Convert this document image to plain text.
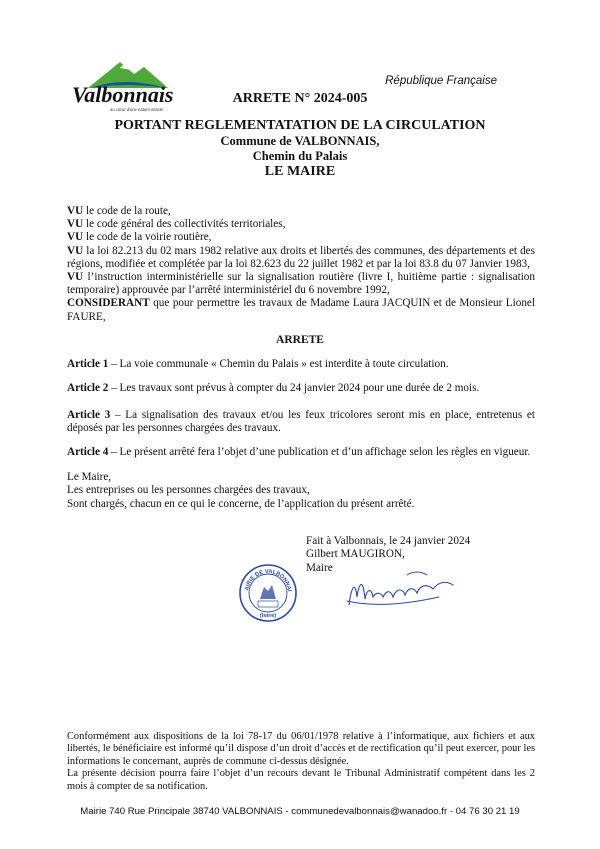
Valbonnais
au cœur d'une nature intacte
République Française
ARRETE N° 2024-005
PORTANT REGLEMENTATATION DE LA CIRCULATION
Commune de VALBONNAIS,
Chemin du Palais
LE MAIRE

VU le code de la route,

VU le code général des collectivités territoriales,

VU le code de la voirie routière,

VU la loi 82.213 du 02 mars 1982 relative aux droits et libertés des communes, des départements et des régions, modifiée et complétée par la loi 82.623 du 22 juillet 1982 et par la loi 83.8 du 07 Janvier 1983,

VU l’instruction interministérielle sur la signalisation routière (livre I, huitième partie : signalisation temporaire) approuvée par l’arrêté interministériel du 6 novembre 1992,

CONSIDERANT que pour permettre les travaux de Madame Laura JACQUIN et de Monsieur Lionel FAURE,

ARRETE
Article 1 – La voie communale « Chemin du Palais » est interdite à toute circulation.
Article 2 – Les travaux sont prévus à compter du 24 janvier 2024 pour une durée de 2 mois.
Article 3 – La signalisation des travaux et/ou les feux tricolores seront mis en place, entretenus et déposés par les personnes chargées des travaux.
Article 4 – Le présent arrêté fera l’objet d’une publication et d’un affichage selon les règles en vigueur.

Le Maire,

Les entreprises ou les personnes chargées des travaux,

Sont chargés, chacun en ce qui le concerne, de l’application du présent arrêté.

Fait à Valbonnais, le 24 janvier 2024

Gilbert MAUGIRON,

Maire

AIRIE DE VALBONNAI
(Isère)

Conformément aux dispositions de la loi 78-17 du 06/01/1978 relative à l’informatique, aux fichiers et aux libertés, le bénéficiaire est informé qu’il dispose d’un droit d’accès et de rectification qu’il peut exercer, pour les informations le concernant, auprès de commune ci-dessus désignée.

La présente décision pourra faire l’objet d’un recours devant le Tribunal Administratif compétent dans les 2 mois à compter de sa notification.

Mairie 740 Rue Principale 38740 VALBONNAIS - communedevalbonnais@wanadoo.fr - 04 76 30 21 19
